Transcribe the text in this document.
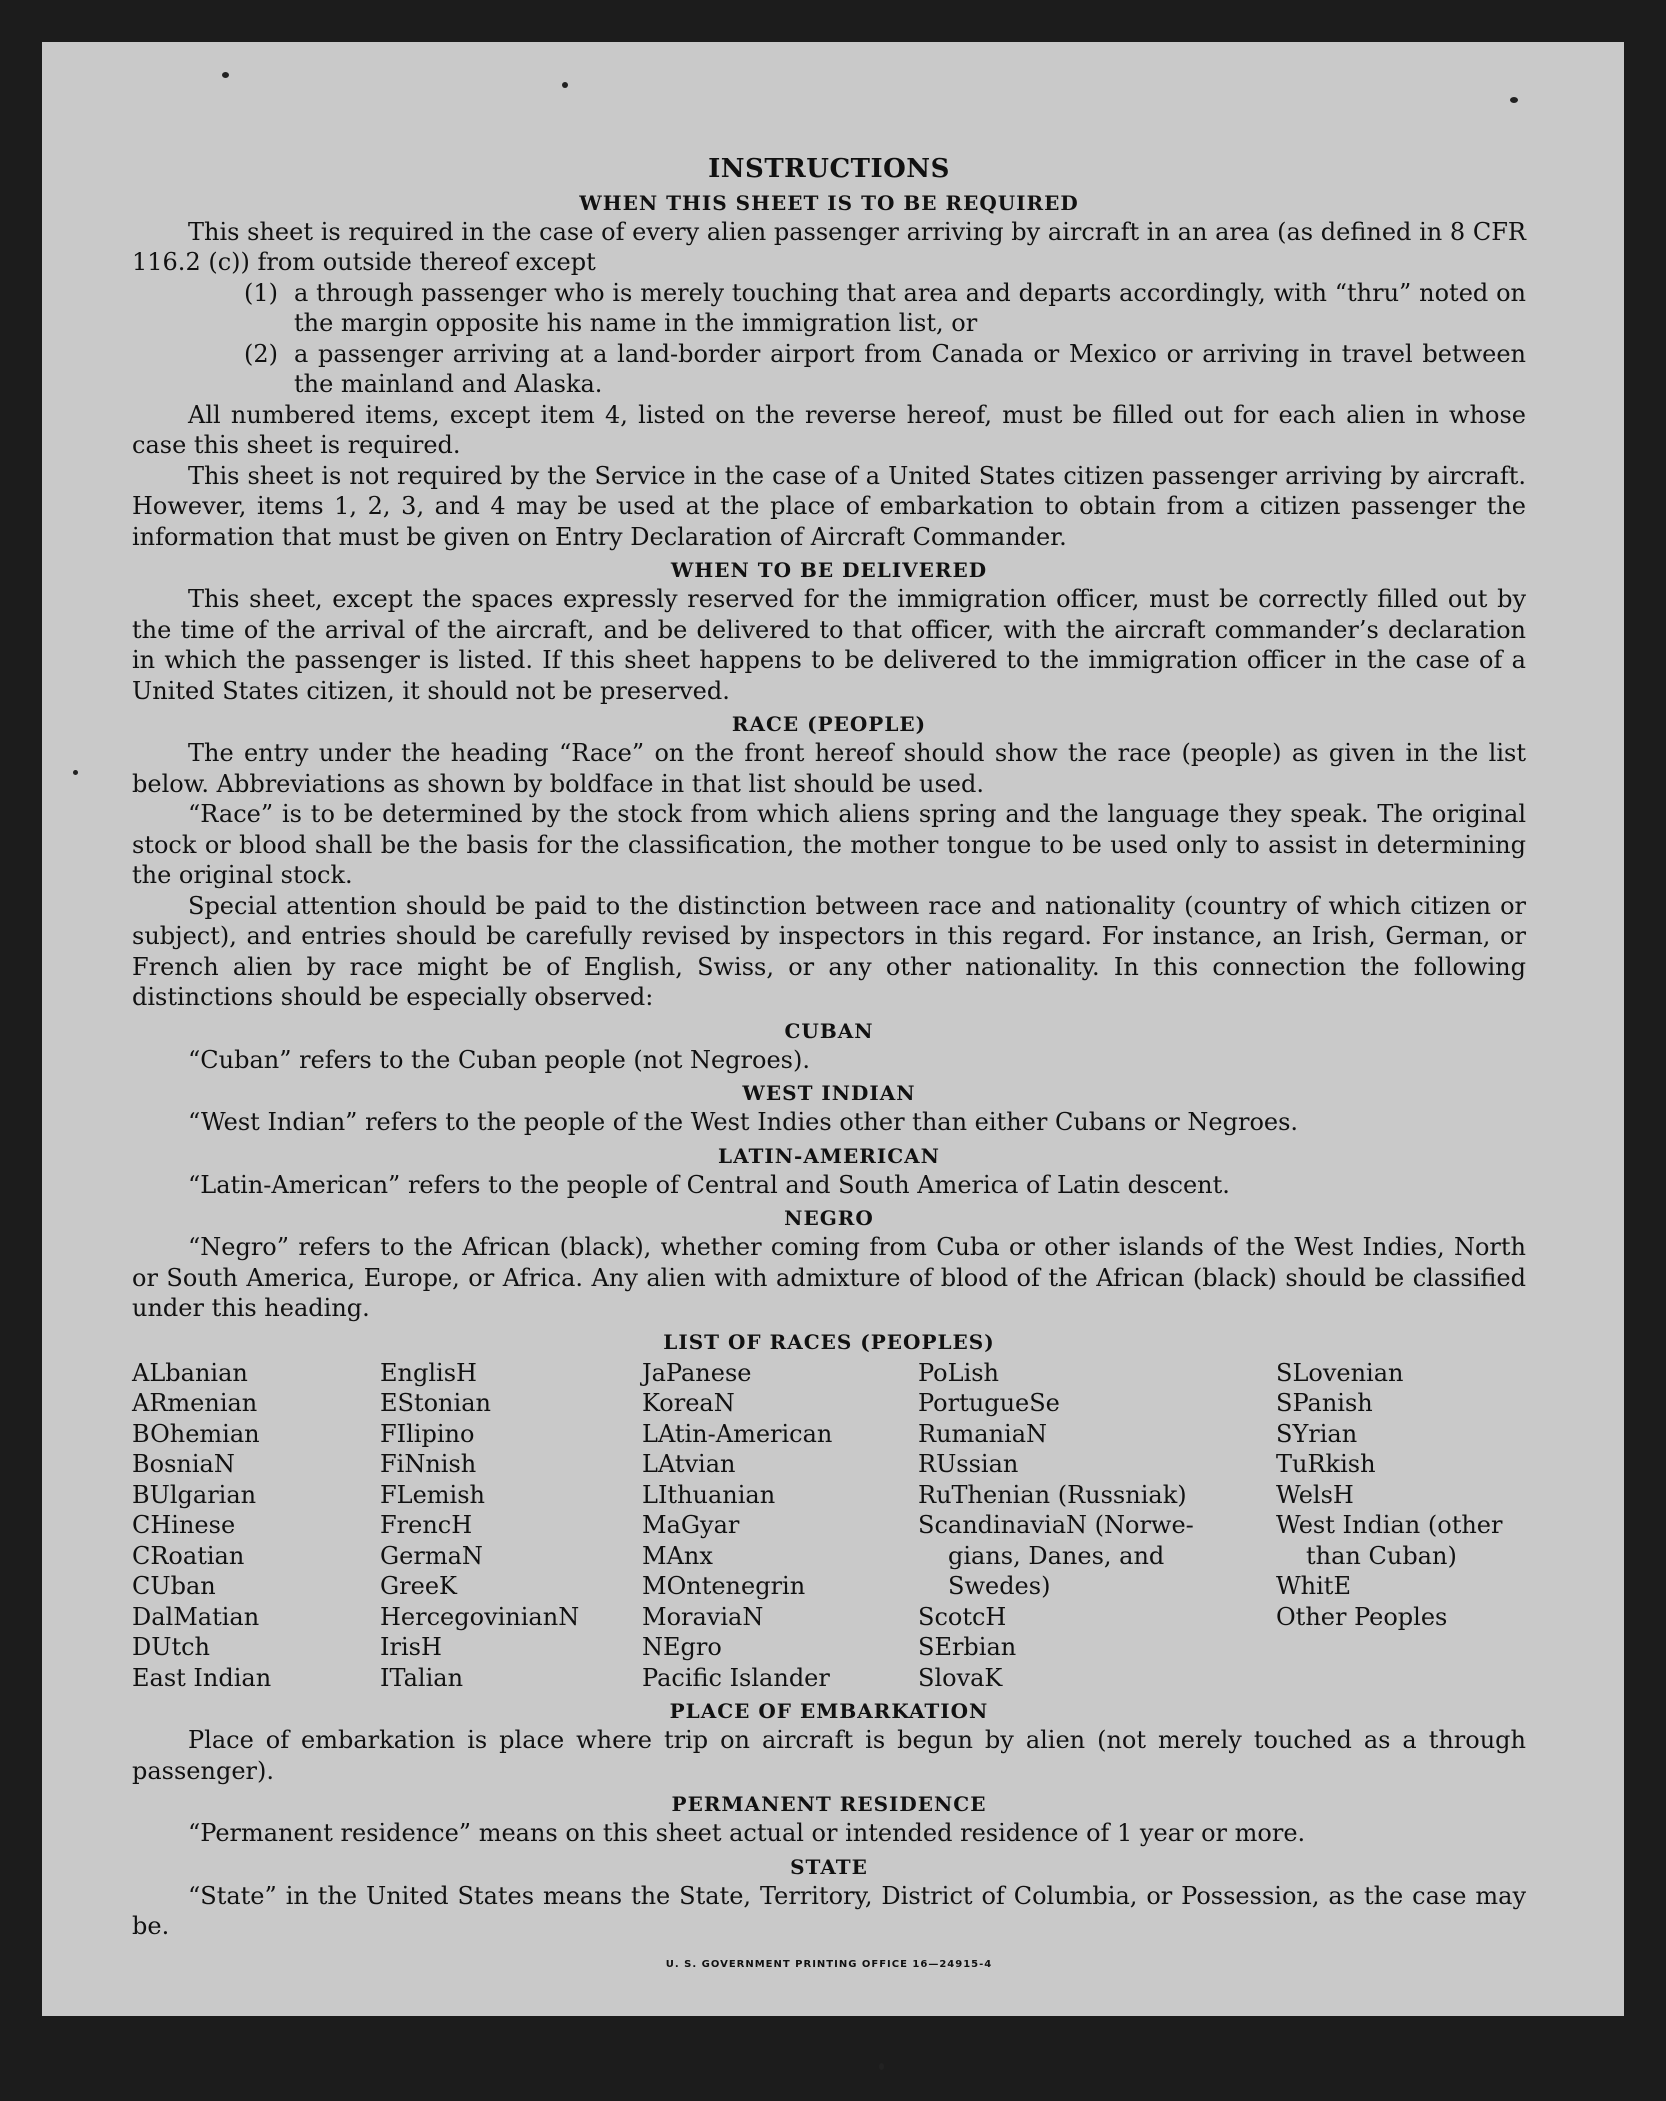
INSTRUCTIONS
WHEN THIS SHEET IS TO BE REQUIRED

This sheet is required in the case of every alien passenger arriving by aircraft in an area (as defined in 8 CFR 116.2 (c)) from outside thereof except

(1) a through passenger who is merely touching that area and departs accordingly, with “thru” noted on the margin opposite his name in the immigration list, or
(2) a passenger arriving at a land-border airport from Canada or Mexico or arriving in travel between the mainland and Alaska.

All numbered items, except item 4, listed on the reverse hereof, must be filled out for each alien in whose case this sheet is required.

This sheet is not required by the Service in the case of a United States citizen passenger arriving by aircraft. However, items 1, 2, 3, and 4 may be used at the place of embarkation to obtain from a citizen passenger the information that must be given on Entry Declaration of Aircraft Commander.

WHEN TO BE DELIVERED

This sheet, except the spaces expressly reserved for the immigration officer, must be correctly filled out by the time of the arrival of the aircraft, and be delivered to that officer, with the aircraft commander’s declaration in which the passenger is listed. If this sheet happens to be delivered to the immigration officer in the case of a United States citizen, it should not be preserved.

RACE (PEOPLE)

The entry under the heading “Race” on the front hereof should show the race (people) as given in the list below. Abbreviations as shown by boldface in that list should be used.

“Race” is to be determined by the stock from which aliens spring and the language they speak. The original stock or blood shall be the basis for the classification, the mother tongue to be used only to assist in determining the original stock.

Special attention should be paid to the distinction between race and nationality (country of which citizen or subject), and entries should be carefully revised by inspectors in this regard. For instance, an Irish, German, or French alien by race might be of English, Swiss, or any other nationality. In this connection the following distinctions should be especially observed:

CUBAN

“Cuban” refers to the Cuban people (not Negroes).

WEST INDIAN

“West Indian” refers to the people of the West Indies other than either Cubans or Negroes.

LATIN-AMERICAN

“Latin-American” refers to the people of Central and South America of Latin descent.

NEGRO

“Negro” refers to the African (black), whether coming from Cuba or other islands of the West Indies, North or South America, Europe, or Africa. Any alien with admixture of blood of the African (black) should be classified under this heading.

LIST OF RACES (PEOPLES)
ALbanian
ARmenian
BOhemian
BosniaN
BUlgarian
CHinese
CRoatian
CUban
DalMatian
DUtch
East Indian
EnglisH
EStonian
FIlipino
FiNnish
FLemish
FrencH
GermaN
GreeK
HercegovinianN
IrisH
ITalian
JaPanese
KoreaN
LAtin-American
LAtvian
LIthuanian
MaGyar
MAnx
MOntenegrin
MoraviaN
NEgro
Pacific Islander
PoLish
PortugueSe
RumaniaN
RUssian
RuThenian (Russniak)
ScandinaviaN (Norwe-
gians, Danes, and
Swedes)
ScotcH
SErbian
SlovaK
SLovenian
SPanish
SYrian
TuRkish
WelsH
West Indian (other
than Cuban)
WhitE
Other Peoples
PLACE OF EMBARKATION

Place of embarkation is place where trip on aircraft is begun by alien (not merely touched as a through passenger).

PERMANENT RESIDENCE

“Permanent residence” means on this sheet actual or intended residence of 1 year or more.

STATE

“State” in the United States means the State, Territory, District of Columbia, or Possession, as the case may be.

U. S. GOVERNMENT PRINTING OFFICE 16—24915-4
